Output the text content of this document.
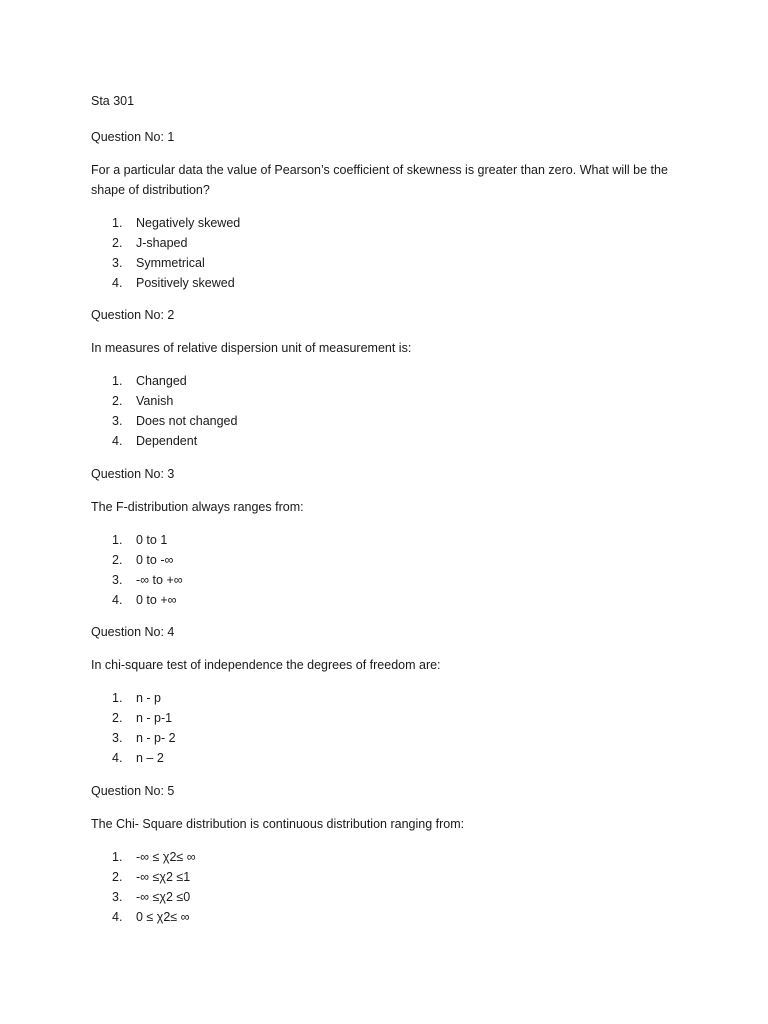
Sta 301

Question No: 1

For a particular data the value of Pearson’s coefficient of skewness is greater than zero. What will be the shape of distribution?

1. Negatively skewed
2. J-shaped
3. Symmetrical
4. Positively skewed

Question No: 2

In measures of relative dispersion unit of measurement is:

1. Changed
2. Vanish
3. Does not changed
4. Dependent

Question No: 3

The F-distribution always ranges from:

1. 0 to 1
2. 0 to -∞
3. -∞ to +∞
4. 0 to +∞

Question No: 4

In chi-square test of independence the degrees of freedom are:

1. n - p
2. n - p-1
3. n - p- 2
4. n – 2

Question No: 5

The Chi- Square distribution is continuous distribution ranging from:

1. -∞ ≤ χ2≤ ∞
2. -∞ ≤χ2 ≤1
3. -∞ ≤χ2 ≤0
4. 0 ≤ χ2≤ ∞
